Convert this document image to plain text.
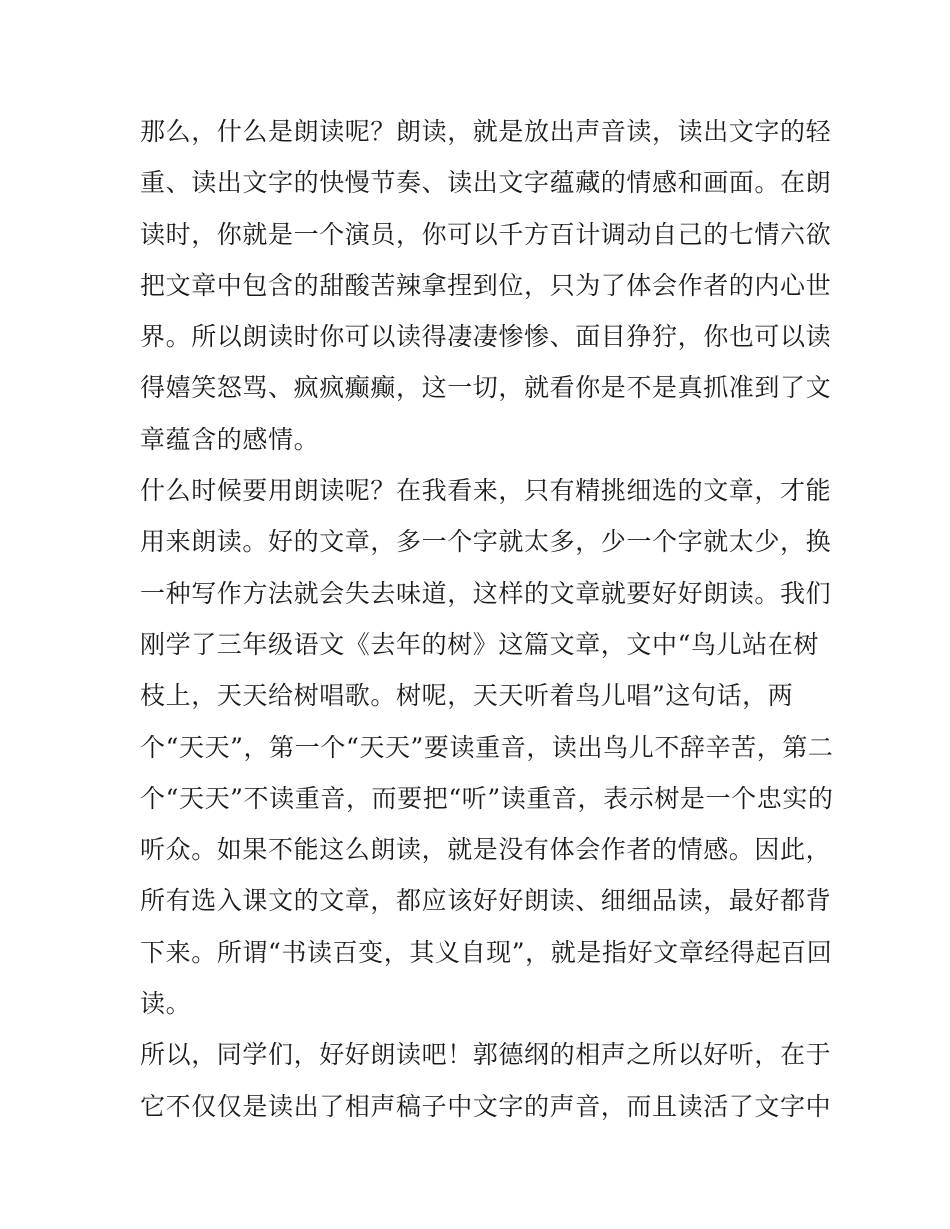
那么，什么是朗读呢？朗读，就是放出声音读，读出文字的轻
重、读出文字的快慢节奏、读出文字蕴藏的情感和画面。在朗
读时，你就是一个演员，你可以千方百计调动自己的七情六欲
把文章中包含的甜酸苦辣拿捏到位，只为了体会作者的内心世
界。所以朗读时你可以读得凄凄惨惨、面目狰狞，你也可以读
得嬉笑怒骂、疯疯癫癫，这一切，就看你是不是真抓准到了文
章蕴含的感情。
什么时候要用朗读呢？在我看来，只有精挑细选的文章，才能
用来朗读。好的文章，多一个字就太多，少一个字就太少，换
一种写作方法就会失去味道，这样的文章就要好好朗读。我们
刚学了三年级语文《去年的树》这篇文章，文中“鸟儿站在树
枝上，天天给树唱歌。树呢，天天听着鸟儿唱”这句话，两
个“天天”，第一个“天天”要读重音，读出鸟儿不辞辛苦，第二
个“天天”不读重音，而要把“听”读重音，表示树是一个忠实的
听众。如果不能这么朗读，就是没有体会作者的情感。因此，
所有选入课文的文章，都应该好好朗读、细细品读，最好都背
下来。所谓“书读百变，其义自现”，就是指好文章经得起百回
读。
所以，同学们，好好朗读吧！郭德纲的相声之所以好听，在于
它不仅仅是读出了相声稿子中文字的声音，而且读活了文字中
